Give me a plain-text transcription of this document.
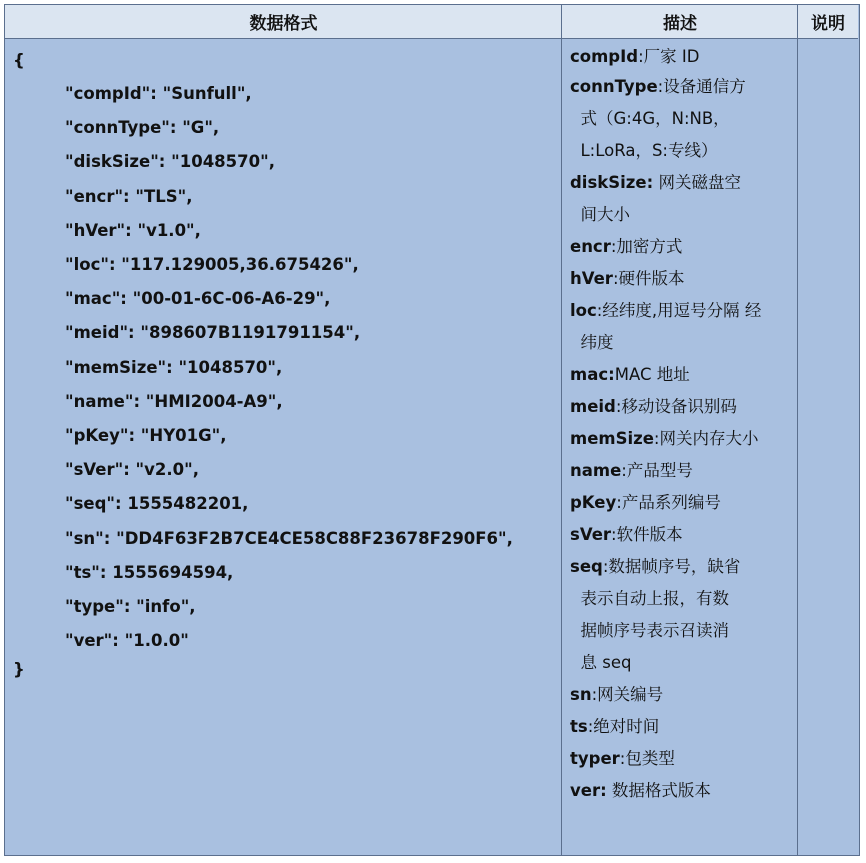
数据格式	描述	说明
{
"compId": "Sunfull",
"connType": "G",
"diskSize": "1048570",
"encr": "TLS",
"hVer": "v1.0",
"loc": "117.129005,36.675426",
"mac": "00-01-6C-06-A6-29",
"meid": "898607B1191791154",
"memSize": "1048570",
"name": "HMI2004-A9",
"pKey": "HY01G",
"sVer": "v2.0",
"seq": 1555482201,
"sn": "DD4F63F2B7CE4CE58C88F23678F290F6",
"ts": 1555694594,
"type": "info",
"ver": "1.0.0"
}
compId:厂家 ID
connType:设备通信方
式（G:4G，N:NB，
L:LoRa，S:专线）
diskSize: 网关磁盘空
间大小
encr:加密方式
hVer:硬件版本
loc:经纬度,用逗号分隔 经
纬度
mac:MAC 地址
meid:移动设备识别码
memSize:网关内存大小
name:产品型号
pKey:产品系列编号
sVer:软件版本
seq:数据帧序号，缺省
表示自动上报，有数
据帧序号表示召读消
息 seq
sn:网关编号
ts:绝对时间
typer:包类型
ver: 数据格式版本
